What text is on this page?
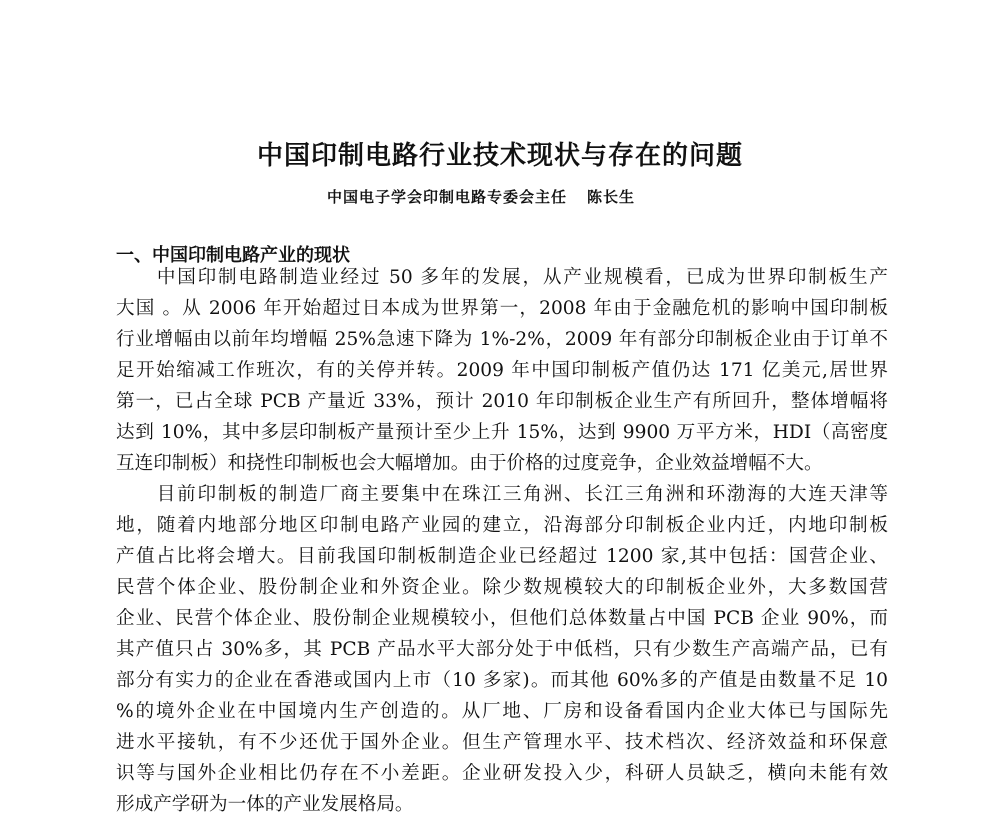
中国印制电路行业技术现状与存在的问题
中国电子学会印制电路专委会主任 陈长生
一、中国印制电路产业的现状
　　中国印制电路制造业经过 50 多年的发展，从产业规模看，已成为世界印制板生产
大国 。从 2006 年开始超过日本成为世界第一，2008 年由于金融危机的影响中国印制板
行业增幅由以前年均增幅 25%急速下降为 1%-2%，2009 年有部分印制板企业由于订单不
足开始缩减工作班次，有的关停并转。2009 年中国印制板产值仍达 171 亿美元,居世界
第一，已占全球 PCB 产量近 33%，预计 2010 年印制板企业生产有所回升，整体增幅将
达到 10%，其中多层印制板产量预计至少上升 15%，达到 9900 万平方米，HDI（高密度
互连印制板）和挠性印制板也会大幅增加。由于价格的过度竞争，企业效益增幅不大。
　　目前印制板的制造厂商主要集中在珠江三角洲、长江三角洲和环渤海的大连天津等
地，随着内地部分地区印制电路产业园的建立，沿海部分印制板企业内迁，内地印制板
产值占比将会增大。目前我国印制板制造企业已经超过 1200 家,其中包括：国营企业、
民营个体企业、股份制企业和外资企业。除少数规模较大的印制板企业外，大多数国营
企业、民营个体企业、股份制企业规模较小，但他们总体数量占中国 PCB 企业 90%，而
其产值只占 30%多，其 PCB 产品水平大部分处于中低档，只有少数生产高端产品，已有
部分有实力的企业在香港或国内上市（10 多家)。而其他 60%多的产值是由数量不足 10
%的境外企业在中国境内生产创造的。从厂地、厂房和设备看国内企业大体已与国际先
进水平接轨，有不少还优于国外企业。但生产管理水平、技术档次、经济效益和环保意
识等与国外企业相比仍存在不小差距。企业研发投入少，科研人员缺乏，横向未能有效
形成产学研为一体的产业发展格局。
